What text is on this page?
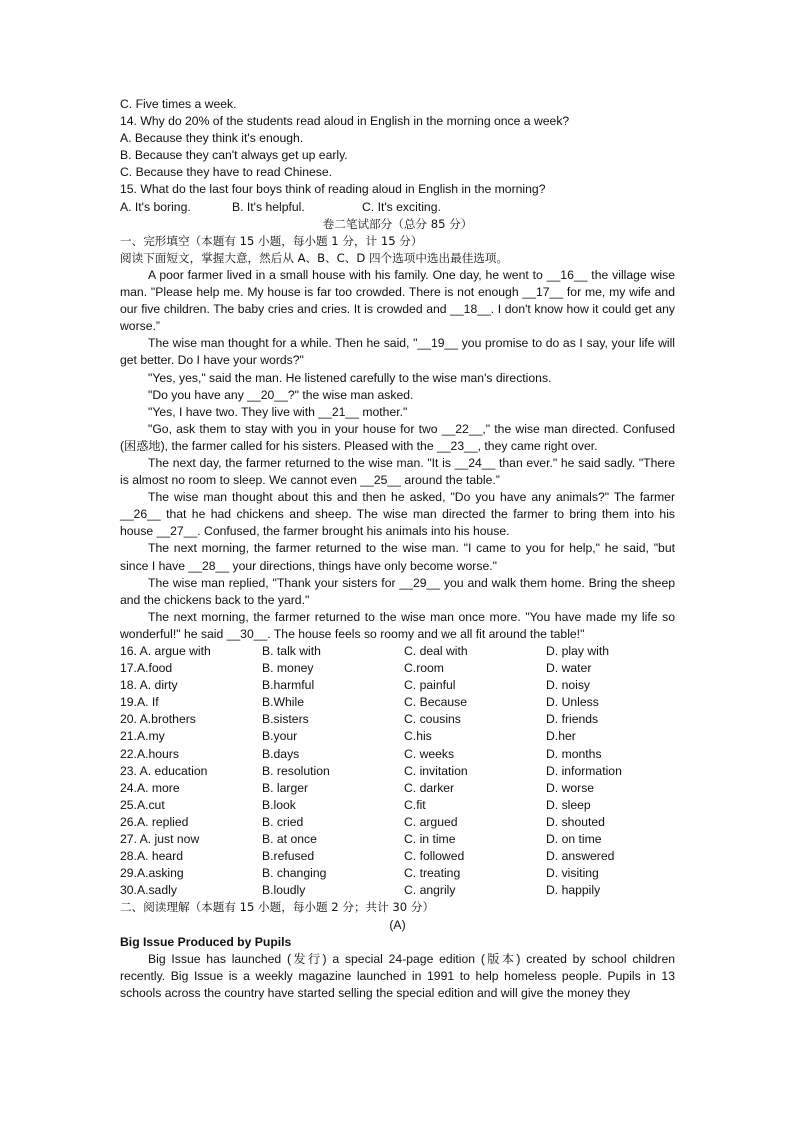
C. Five times a week.
14. Why do 20% of the students read aloud in English in the morning once a week?
A. Because they think it's enough.
B. Because they can't always get up early.
C. Because they have to read Chinese.
15. What do the last four boys think of reading aloud in English in the morning?
A. It's boring.	B. It's helpful.	C. It's exciting.
卷二笔试部分（总分 85 分）
一、完形填空（本题有 15 小题，每小题 1 分，计 15 分）
阅读下面短文，掌握大意，然后从 A、B、C、D 四个选项中选出最佳选项。
A poor farmer lived in a small house with his family. One day, he went to __16__ the village wise man. "Please help me. My house is far too crowded. There is not enough __17__ for me, my wife and our five children. The baby cries and cries. It is crowded and __18__. I don't know how it could get any worse.”
The wise man thought for a while. Then he said, "__19__ you promise to do as I say, your life will get better. Do I have your words?"
"Yes, yes," said the man. He listened carefully to the wise man's directions.
"Do you have any __20__?" the wise man asked.
"Yes, I have two. They live with __21__ mother."
"Go, ask them to stay with you in your house for two __22__," the wise man directed. Confused (困惑地), the farmer called for his sisters. Pleased with the __23__, they came right over.
The next day, the farmer returned to the wise man. "It is __24__ than ever." he said sadly. "There is almost no room to sleep. We cannot even __25__ around the table.”
The wise man thought about this and then he asked, "Do you have any animals?" The farmer __26__ that he had chickens and sheep. The wise man directed the farmer to bring them into his house __27__. Confused, the farmer brought his animals into his house.
The next morning, the farmer returned to the wise man. "I came to you for help," he said, "but since I have __28__ your directions, things have only become worse."
The wise man replied, "Thank your sisters for __29__ you and walk them home. Bring the sheep and the chickens back to the yard."
The next morning, the farmer returned to the wise man once more. "You have made my life so wonderful!" he said __30__. The house feels so roomy and we all fit around the table!"
16. A. argue with	B. talk with	C. deal with	D. play with
17.A.food	B. money	C.room	D. water
18. A. dirty	B.harmful	C. painful	D. noisy
19.A. If	B.While	C. Because	D. Unless
20. A.brothers	B.sisters	C. cousins	D. friends
21.A.my	B.your	C.his	D.her
22.A.hours	B.days	C. weeks	D. months
23. A. education	B. resolution	C. invitation	D. information
24.A. more	B. larger	C. darker	D. worse
25.A.cut	B.look	C.fit	D. sleep
26.A. replied	B. cried	C. argued	D. shouted
27. A. just now	B. at once	C. in time	D. on time
28.A. heard	B.refused	C. followed	D. answered
29.A.asking	B. changing	C. treating	D. visiting
30.A.sadly	B.loudly	C. angrily	D. happily
二、阅读理解（本题有 15 小题，每小题 2 分；共计 30 分）
(A)
Big Issue Produced by Pupils
Big Issue has launched (发行) a special 24-page edition (版本) created by school children recently. Big Issue is a weekly magazine launched in 1991 to help homeless people. Pupils in 13 schools across the country have started selling the special edition and will give the money they
